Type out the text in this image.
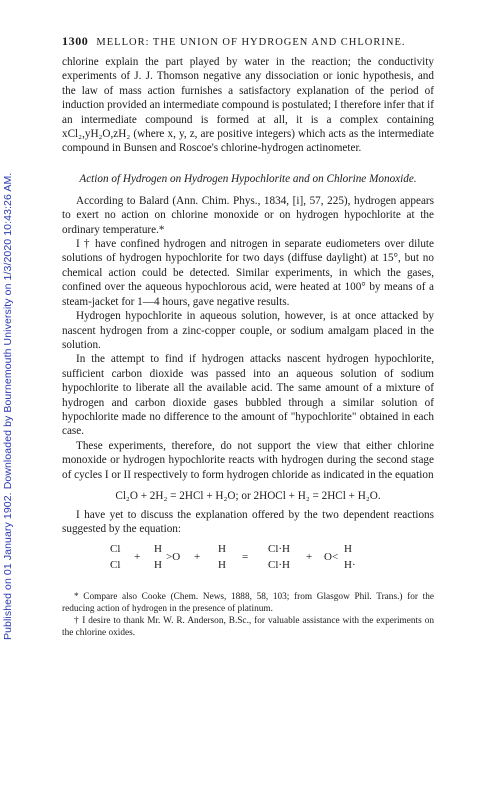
Published on 01 January 1902. Downloaded by Bournemouth University on 1/3/2020 10:43:26 AM.
1300 MELLOR: THE UNION OF HYDROGEN AND CHLORINE.

chlorine explain the part played by water in the reaction; the conductivity experiments of J. J. Thomson negative any dissociation or ionic hypothesis, and the law of mass action furnishes a satisfactory explanation of the period of induction provided an intermediate compound is postulated; I therefore infer that if an intermediate compound is formed at all, it is a complex containing xCl₂,yH₂O,zH₂ (where x, y, z, are positive integers) which acts as the intermediate compound in Bunsen and Roscoe's chlorine-hydrogen actinometer.

Action of Hydrogen on Hydrogen Hypochlorite and on Chlorine Monoxide.

According to Balard (Ann. Chim. Phys., 1834, [i], 57, 225), hydrogen appears to exert no action on chlorine monoxide or on hydrogen hypochlorite at the ordinary temperature.*

I † have confined hydrogen and nitrogen in separate eudiometers over dilute solutions of hydrogen hypochlorite for two days (diffuse daylight) at 15°, but no chemical action could be detected. Similar experiments, in which the gases, confined over the aqueous hypochlorous acid, were heated at 100° by means of a steam-jacket for 1—4 hours, gave negative results.

Hydrogen hypochlorite in aqueous solution, however, is at once attacked by nascent hydrogen from a zinc-copper couple, or sodium amalgam placed in the solution.

In the attempt to find if hydrogen attacks nascent hydrogen hypochlorite, sufficient carbon dioxide was passed into an aqueous solution of sodium hypochlorite to liberate all the available acid. The same amount of a mixture of hydrogen and carbon dioxide gases bubbled through a similar solution of hypochlorite made no difference to the amount of "hypochlorite" obtained in each case.

These experiments, therefore, do not support the view that either chlorine monoxide or hydrogen hypochlorite reacts with hydrogen during the second stage of cycles I or II respectively to form hydrogen chloride as indicated in the equation

Cl₂O + 2H₂ = 2HCl + H₂O; or 2HOCl + H₂ = 2HCl + H₂O.

I have yet to discuss the explanation offered by the two dependent reactions suggested by the equation:

Cl
Cl
+
H
>O
H
+
H
H
=
Cl·H
Cl·H
+ O<
H
H·

* Compare also Cooke (Chem. News, 1888, 58, 103; from Glasgow Phil. Trans.) for the reducing action of hydrogen in the presence of platinum.

† I desire to thank Mr. W. R. Anderson, B.Sc., for valuable assistance with the experiments on the chlorine oxides.
